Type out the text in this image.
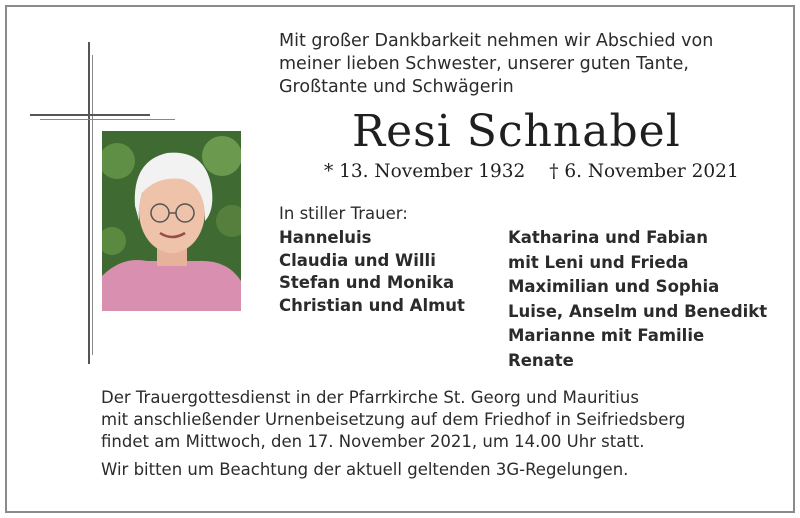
Mit großer Dankbarkeit nehmen wir Abschied von
meiner lieben Schwester, unserer guten Tante,
Großtante und Schwägerin
Resi Schnabel
* 13. November 1932 † 6. November 2021
In stiller Trauer:
Hanneluis
Claudia und Willi
Stefan und Monika
Christian und Almut
Katharina und Fabian
mit Leni und Frieda
Maximilian und Sophia
Luise, Anselm und Benedikt
Marianne mit Familie
Renate
Der Trauergottesdienst in der Pfarrkirche St. Georg und Mauritius
mit anschließender Urnenbeisetzung auf dem Friedhof in Seifriedsberg
findet am Mittwoch, den 17. November 2021, um 14.00 Uhr statt.
Wir bitten um Beachtung der aktuell geltenden 3G-Regelungen.
